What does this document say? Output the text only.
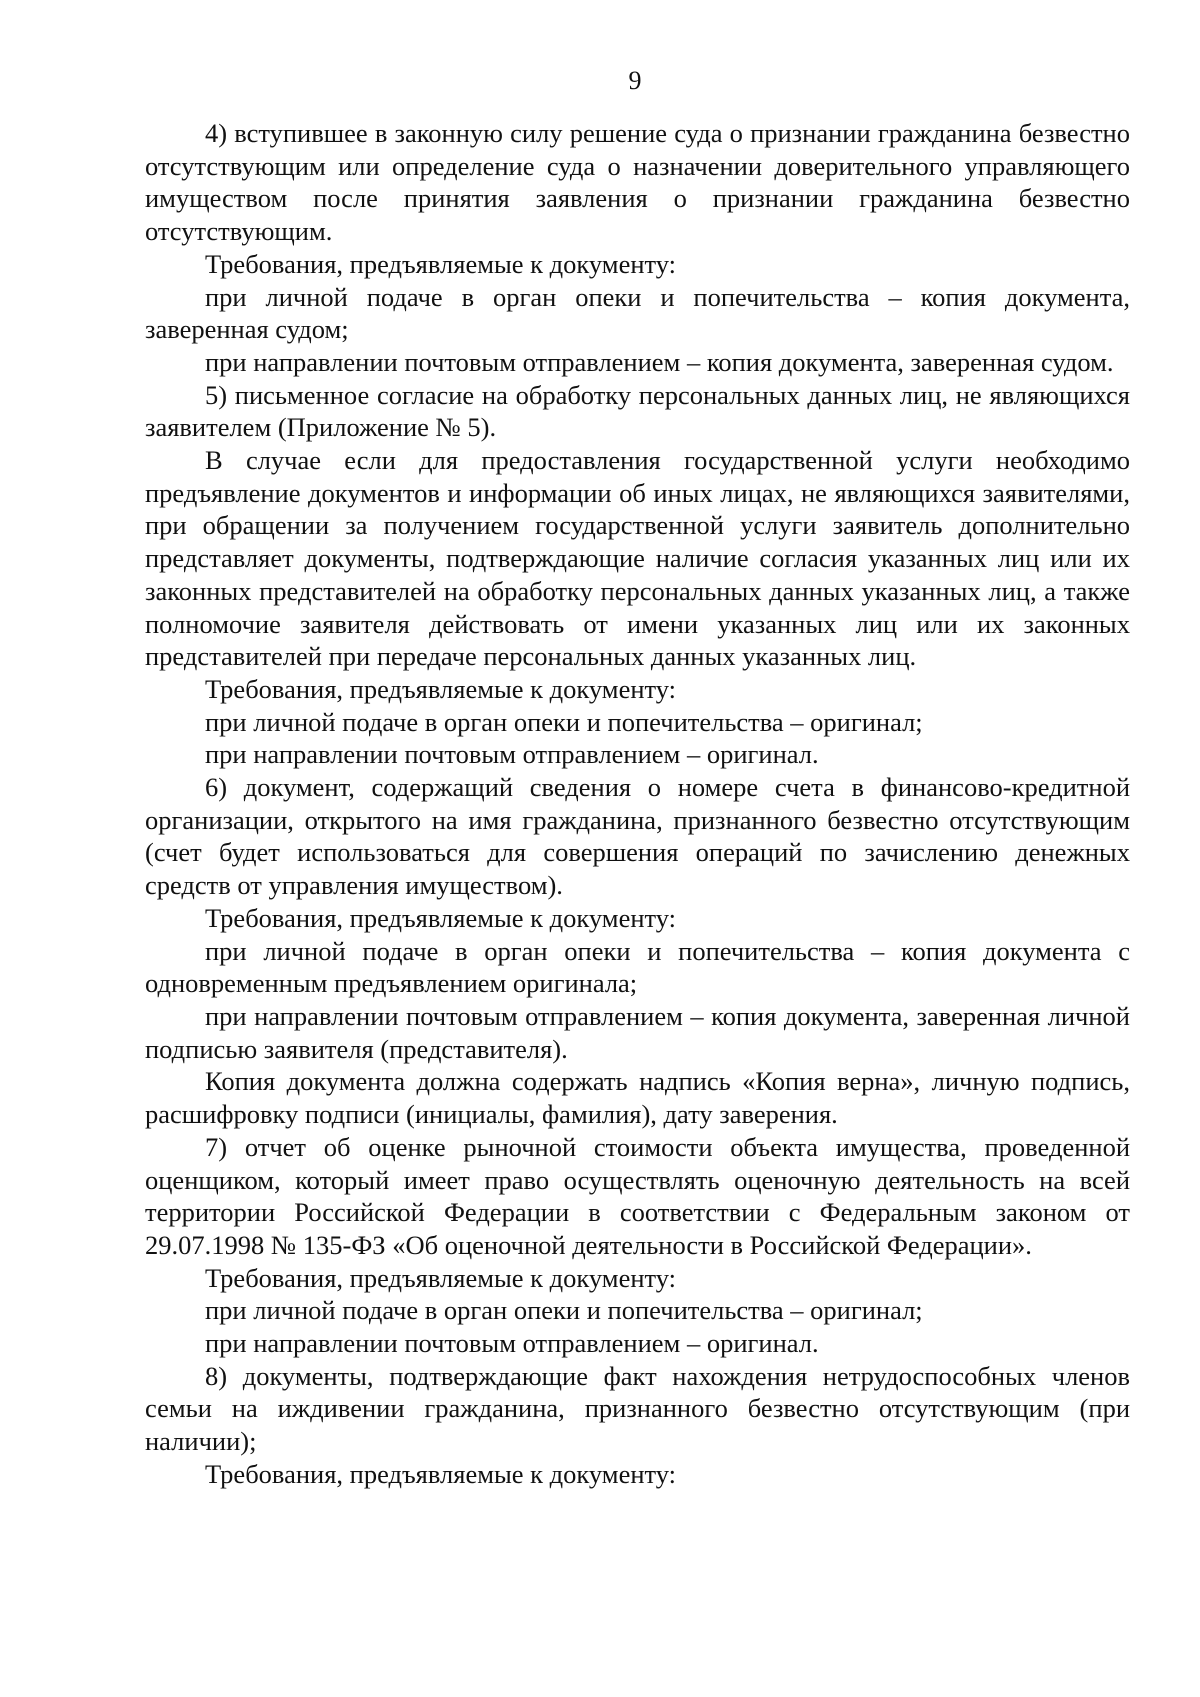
9

4) вступившее в законную силу решение суда о признании гражданина безвестно отсутствующим или определение суда о назначении доверительного управляющего имуществом после принятия заявления о признании гражданина безвестно отсутствующим.

Требования, предъявляемые к документу:

при личной подаче в орган опеки и попечительства – копия документа, заверенная судом;

при направлении почтовым отправлением – копия документа, заверенная судом.

5) письменное согласие на обработку персональных данных лиц, не являющихся заявителем (Приложение № 5).

В случае если для предоставления государственной услуги необходимо предъявление документов и информации об иных лицах, не являющихся заявителями, при обращении за получением государственной услуги заявитель дополнительно представляет документы, подтверждающие наличие согласия указанных лиц или их законных представителей на обработку персональных данных указанных лиц, а также полномочие заявителя действовать от имени указанных лиц или их законных представителей при передаче персональных данных указанных лиц.

Требования, предъявляемые к документу:

при личной подаче в орган опеки и попечительства – оригинал;

при направлении почтовым отправлением – оригинал.

6) документ, содержащий сведения о номере счета в финансово-кредитной организации, открытого на имя гражданина, признанного безвестно отсутствующим (счет будет использоваться для совершения операций по зачислению денежных средств от управления имуществом).

Требования, предъявляемые к документу:

при личной подаче в орган опеки и попечительства – копия документа с одновременным предъявлением оригинала;

при направлении почтовым отправлением – копия документа, заверенная личной подписью заявителя (представителя).

Копия документа должна содержать надпись «Копия верна», личную подпись, расшифровку подписи (инициалы, фамилия), дату заверения.

7) отчет об оценке рыночной стоимости объекта имущества, проведенной оценщиком, который имеет право осуществлять оценочную деятельность на всей территории Российской Федерации в соответствии с Федеральным законом от 29.07.1998 № 135-ФЗ «Об оценочной деятельности в Российской Федерации».

Требования, предъявляемые к документу:

при личной подаче в орган опеки и попечительства – оригинал;

при направлении почтовым отправлением – оригинал.

8) документы, подтверждающие факт нахождения нетрудоспособных членов семьи на иждивении гражданина, признанного безвестно отсутствующим (при наличии);

Требования, предъявляемые к документу:
